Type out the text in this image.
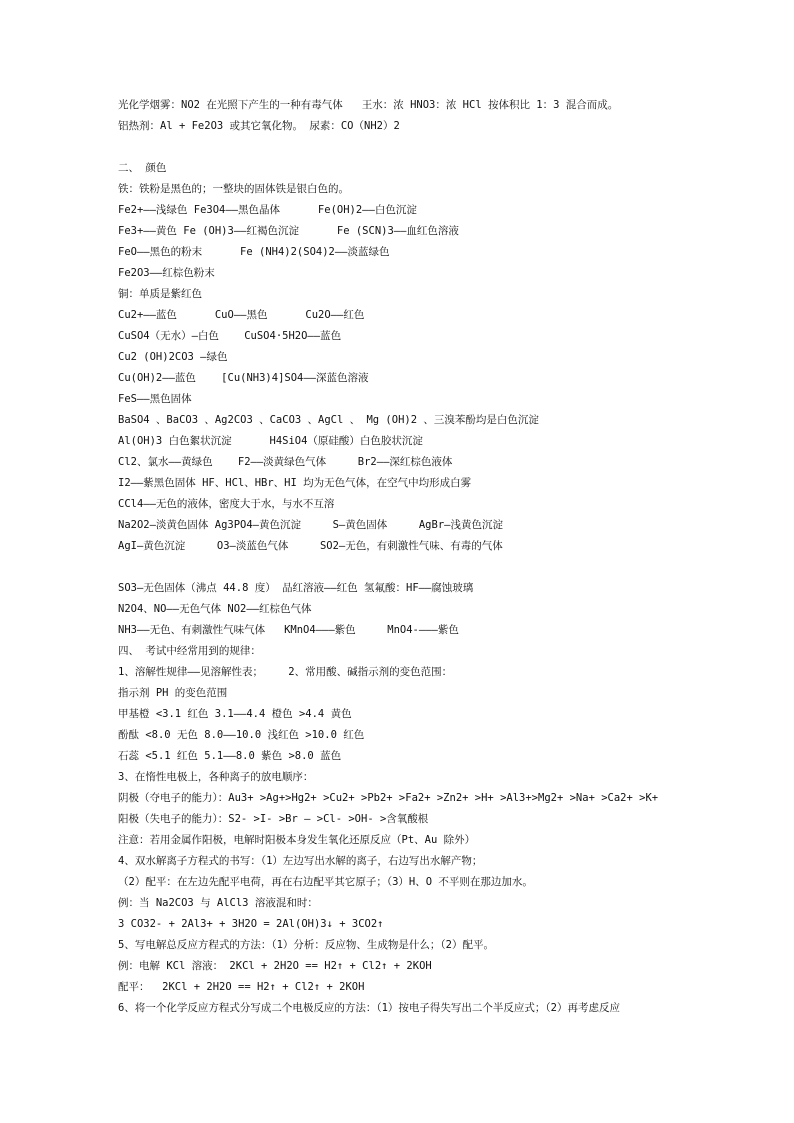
光化学烟雾：NO2 在光照下产生的一种有毒气体   王水：浓 HNO3：浓 HCl 按体积比 1：3 混合而成。
铝热剂：Al + Fe2O3 或其它氧化物。 尿素：CO（NH2）2
二、 颜色
铁：铁粉是黑色的；一整块的固体铁是银白色的。
Fe2+——浅绿色 Fe3O4——黑色晶体      Fe(OH)2——白色沉淀
Fe3+——黄色 Fe (OH)3——红褐色沉淀      Fe (SCN)3——血红色溶液
FeO——黑色的粉末      Fe (NH4)2(SO4)2——淡蓝绿色
Fe2O3——红棕色粉末
铜：单质是紫红色
Cu2+——蓝色      CuO——黑色      Cu2O——红色
CuSO4（无水）—白色    CuSO4·5H2O——蓝色
Cu2 (OH)2CO3 —绿色
Cu(OH)2——蓝色    [Cu(NH3)4]SO4——深蓝色溶液
FeS——黑色固体
BaSO4 、BaCO3 、Ag2CO3 、CaCO3 、AgCl 、 Mg (OH)2 、三溴苯酚均是白色沉淀
Al(OH)3 白色絮状沉淀      H4SiO4（原硅酸）白色胶状沉淀
Cl2、氯水——黄绿色    F2——淡黄绿色气体     Br2——深红棕色液体
I2——紫黑色固体 HF、HCl、HBr、HI 均为无色气体，在空气中均形成白雾
CCl4——无色的液体，密度大于水，与水不互溶
Na2O2—淡黄色固体 Ag3PO4—黄色沉淀     S—黄色固体     AgBr—浅黄色沉淀
AgI—黄色沉淀     O3—淡蓝色气体     SO2—无色，有刺激性气味、有毒的气体
SO3—无色固体（沸点 44.8 度） 品红溶液——红色 氢氟酸：HF——腐蚀玻璃
N2O4、NO——无色气体 NO2——红棕色气体
NH3——无色、有刺激性气味气体   KMnO4———紫色     MnO4-———紫色
四、 考试中经常用到的规律：
1、溶解性规律——见溶解性表；    2、常用酸、碱指示剂的变色范围：
指示剂 PH 的变色范围
甲基橙 <3.1 红色 3.1——4.4 橙色 >4.4 黄色
酚酞 <8.0 无色 8.0——10.0 浅红色 >10.0 红色
石蕊 <5.1 红色 5.1——8.0 紫色 >8.0 蓝色
3、在惰性电极上，各种离子的放电顺序：
阴极（夺电子的能力）：Au3+ >Ag+>Hg2+ >Cu2+ >Pb2+ >Fa2+ >Zn2+ >H+ >Al3+>Mg2+ >Na+ >Ca2+ >K+
阳极（失电子的能力）：S2- >I- >Br – >Cl- >OH- >含氧酸根
注意：若用金属作阳极，电解时阳极本身发生氧化还原反应（Pt、Au 除外）
4、双水解离子方程式的书写：（1）左边写出水解的离子，右边写出水解产物；
（2）配平：在左边先配平电荷，再在右边配平其它原子；（3）H、O 不平则在那边加水。
例：当 Na2CO3 与 AlCl3 溶液混和时：
3 CO32- + 2Al3+ + 3H2O = 2Al(OH)3↓ + 3CO2↑
5、写电解总反应方程式的方法：（1）分析：反应物、生成物是什么；（2）配平。
例：电解 KCl 溶液： 2KCl + 2H2O == H2↑ + Cl2↑ + 2KOH
配平：  2KCl + 2H2O == H2↑ + Cl2↑ + 2KOH
6、将一个化学反应方程式分写成二个电极反应的方法：（1）按电子得失写出二个半反应式；（2）再考虑反应
